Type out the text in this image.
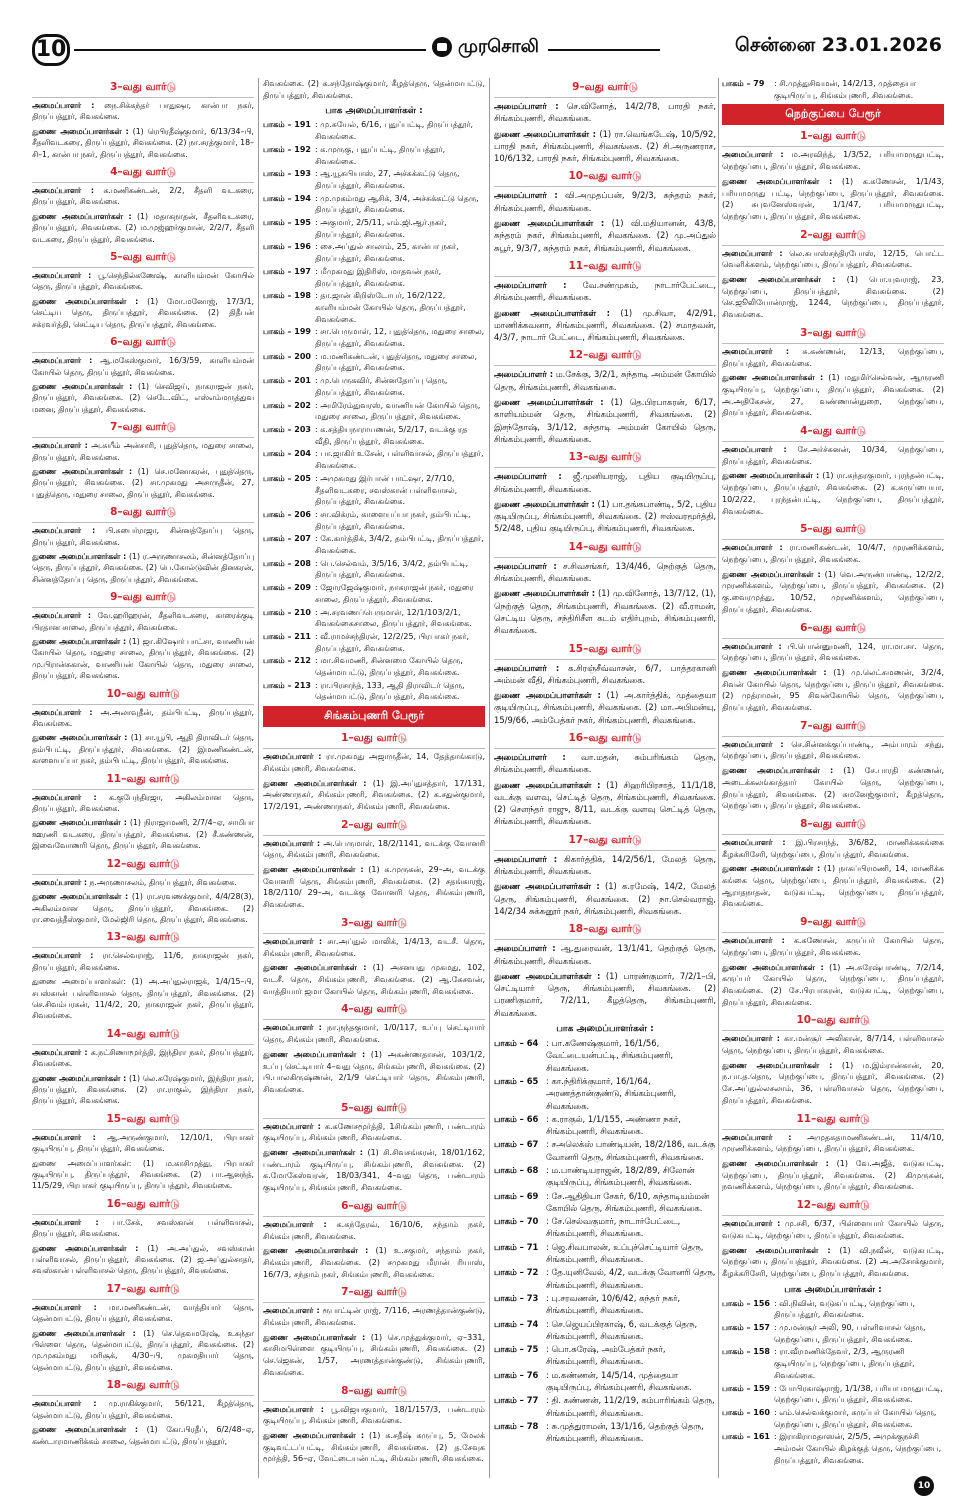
10	முரசொலி	சென்னை 23.01.2026
3–வது வார்டு
அமைப்பாளர் : நை.சிக்கந்தர் பாதுஷா, கான்பா நகர், திருப்பத்தூர், சிவகங்கை.
துணை அமைப்பாளர்கள் : (1) ரெபிரதீஷ்குமார், 6/13/34–பி, சீதளிவடகரை, திருப்பத்தூர், சிவகங்கை. (2) நா.சரத்குமார், 18–சி–1, கான்பா நகர், திருப்பத்தூர், சிவகங்கை.
4–வது வார்டு
அமைப்பாளர் : க.மணிகண்டன், 2/2, சீதளி வடகரை, திருப்பத்தூர், சிவகங்கை.
துணை அமைப்பாளர்கள் : (1) மதாகநாதன், சீதளிவடகரை, திருப்பத்தூர், சிவகங்கை. (2) ம.முஜ்ஹர்குமான், 2/2/7, சீதளி வடகரை, திருப்பத்தூர், சிவகங்கை.
5–வது வார்டு
அமைப்பாளர் : பூ.செந்தில்கணேஷ், காளியம்மன் கோயில் தெரு, திருப்பத்தூர், சிவகங்கை.
துணை அமைப்பாளர்கள் : (1) மோ.மனோஜ், 17/3/1, செட்டிய தெரு, திருப்பத்தூர், சிவகங்கை. (2) திதீபன் சக்ரவர்த்தி, செட்டிய தெரு, திருப்பத்தூர், சிவகங்கை.
6–வது வார்டு
அமைப்பாளர் : ஆ.மகேஸ்குமார், 16/3/59, காளியம்மன் கோயில் தெரு, திருப்பத்தூர், சிவகங்கை.
துணை அமைப்பாளர்கள் : (1) செவிஜய், நாகராஜன் நகர், திருப்பத்தூர், சிவகங்கை. (2) செடே.விட், எஸ்எம்மருத்துவ மனை, திருப்பத்தூர், சிவகங்கை.
7–வது வார்டு
அமைப்பாளர் : அ.சுயீம் அன்சாரி, புதுத்தெரு, மதுரை சாலை, திருப்பத்தூர், சிவகங்கை.
துணை அமைப்பாளர்கள் : (1) செ.மனோகரன், புதுத்தெரு, திருப்பத்தூர், சிவகங்கை. (2) சா.முகமது அசாருதீன், 27, புதுத்தெரு, மதுரை சாலை, திருப்பத்தூர், சிவகங்கை.
8–வது வார்டு
அமைப்பாளர் : பி.சுபைர்ராஜா, சின்னத்தோப்பு தெரு, திருப்பத்தூர், சிவகங்கை.
துணை அமைப்பாளர்கள் : (1) ர.அருணாசலம், சின்னத்தோப்பு தெரு, திருப்பத்தூர், சிவகங்கை. (2) பெ.கோல்டுவின் தினகரன், சின்னத்தோப்பு தெரு, திருப்பத்தூர், சிவகங்கை.
9–வது வார்டு
அமைப்பாளர் : வே.ஹரிஹரன், சீதளிவடகரை, காரைக்குடி பிரதான சாலை, திருப்பத்தூர், சிவகங்கை.
துணை அமைப்பாளர்கள் : (1) ஜா.கிஷோர் பாட்சா, வாணியன் கோயில் தெரு, மதுரை சாலை, திருப்பத்தூர், சிவகங்கை. (2) மு.பிரான்சுகான், வாணியன் கோயில் தெரு, மதுரை சாலை, திருப்பத்தூர், சிவகங்கை.
10–வது வார்டு
அமைப்பாளர் : அ.அலாவுதீன், தம்பிபட்டி, திருப்பத்தூர், சிவகங்கை.
துணை அமைப்பாளர்கள் : (1) சா.யூபி, ஆதி திராவிடர் தெரு, தம்பிபட்டி, திருப்பத்தூர், சிவகங்கை. (2) இமணிகண்டன், காளையப்பா நகர், தம்பிபட்டி, திருப்பத்தூர், சிவகங்கை.
11–வது வார்டு
அமைப்பாளர் : க.குபேந்திரஜா, அகிலம்மான தெரு, திருப்பத்தூர், சிவகங்கை.
துணை அமைப்பாளர்கள் : (1) நிராஜாமணி, 2/7/4–ஏ, சாமிபா ஊரணி வடகரை, திருப்பத்தூர், சிவகங்கை. (2) சீ.கண்ணன், இவைவோணரி தெரு, திருப்பத்தூர், சிவகங்கை.
12–வது வார்டு
அமைப்பாளர் : ந.அருணாசலம், திருப்பத்தூர், சிவகங்கை.
துணை அமைப்பாளர்கள் : (1) ரா.சரவணக்குமார், 4/4/28(3), அகிலம்மான தெரு, திருப்பத்தூர், சிவகங்கை. (2) ரா.வைத்தீஸ்குமார், மேல்ஜிரி தெரு, திருப்பத்தூர், சிவகங்கை.
13–வது வார்டு
அமைப்பாளர் : ரா.செல்வராஜ், 11/6, நாகராஜன் நகர், திருப்பத்தூர், சிவகங்கை.
துணை அமைப்பாளர்கள்: (1) அ.அப்துல்ராஜக், 1/4/15–பி, சபஸ்கான் பள்ளிவாசல் தெரு, திருப்பத்தூர், சிவகங்கை. (2) செ.சிவம்பரகன், 11/4/2, 20, நாகராஜன் நகர், திருப்பத்தூர், சிவகங்கை.
14–வது வார்டு
அமைப்பாளர் : க.நட்சிணாமூர்த்தி, இந்திரா நகர், திருப்பத்தூர், சிவகங்கை.
துணை அமைப்பாளர்கள் : (1) லெ.சுரேஷ்குமார், இந்திரா நகர், திருப்பத்தூர், சிவகங்கை. (2) ரா.ராகுல், இந்திரா நகர், திருப்பத்தூர், சிவகங்கை.
15–வது வார்டு
அமைப்பாளர் : ஆ.அருண்குமார், 12/10/1, பிரபாகர் குடியிருப்பு, திருப்பத்தூர், சிவகங்கை.
துணை அமைப்பாளர்கள்: (1) ம.காசிமுத்து, பிரபாகர் குடியிருப்பு, திருப்பத்தூர், சிவகங்கை. (2) பா.ஆனந்த், 11/5/29, பிரபாகர் குடியிருப்பு, திருப்பத்தூர், சிவகங்கை.
16–வது வார்டு
அமைப்பாளர் : பா.சேக், சவஸ்கான் பள்ளிவாசல், திருப்பத்தூர், சிவகங்கை.
துணை அமைப்பாளர்கள் : (1) அ.அப்துல், சவஸ்கான் பள்ளிவாசல், திருப்பத்தூர், சிவகங்கை. (2) ஜ.அப்துல்சாதர், சவஸ்கான் பள்ளிவாசல் தெரு, திருப்பத்தூர், சிவகங்கை.
17–வது வார்டு
அமைப்பாளர் : மா.மணிகண்டன், வாத்தியார் தெரு, தென்மாபட்டு, திருப்பத்தூர், சிவகங்கை.
துணை அமைப்பாளர்கள் : (1) செ.தெவமரேஷ், உசுந்தா பிள்ளை தெரு, தென்மாபட்டு, திருப்பத்தூர், சிவகங்கை. (2) மு.முகம்மது மரிசூக், 4/30–பி, முகமதியார் தெரு, தென்மாபட்டு, திருப்பத்தூர், சிவகங்கை.
18–வது வார்டு
அமைப்பாளர் : மு.ராகிக்குமார், 56/121, கீழத்தெரு, தென்மாபட்டு, திருப்பத்தூர், சிவகங்கை.
துணை அமைப்பாளர்கள் : (1) கோ.பிரதீப், 6/2/48–ஏ, கண்டாரமாணிக்கம் சாலை, தென்மாபட்டு, திருப்பத்தூர்,
சிவகங்கை. (2) க.சந்தோஷ்குமார், கீழத்தெரு, தென்மாபட்டு, திருப்பத்தூர், சிவகங்கை.
பாக அமைப்பாளர்கள் :
பாகம் – 191 : மு.சுயேல், 6/16, புதுப்பட்டி, திருப்பத்தூர், சிவகங்கை.
பாகம் – 192 : க.முருகு, புதுப்பட்டி, திருப்பத்தூர், சிவகங்கை.
பாகம் – 193 : ஆ.யூசுபியாஸ், 27, அச்சுக்கட்டு தெரு, திருப்பத்தூர், சிவகங்கை.
பாகம் – 194 : மு.முகம்மது ஆசிக், 3/4, அச்சுக்கட்டு தெரு, திருப்பத்தூர், சிவகங்கை.
பாகம் – 195 : அகுமார், 2/5/11, எம்.ஜி.ஆர்.நகர், திருப்பத்தூர், சிவகங்கை.
பாகம் – 196 : சை.அப்துல் சாலாம், 25, கான்பா நகர், திருப்பத்தூர், சிவகங்கை.
பாகம் – 197 : மீமுகமது இதிரிஸ், மாதவன் நகர், திருப்பத்தூர், சிவகங்கை.
பாகம் – 198 : தா.ஜான் கிறிஸ்டோபர், 16/2/122, காளியம்மன் கோயில் தெரு, திருப்பத்தூர், சிவகங்கை.
பாகம் – 199 : சா.பெருமாள், 12, புதுத்தெரு, மதுரை சாலை, திருப்பத்தூர், சிவகங்கை.
பாகம் – 200 : ம.மணிகண்டன், புதுத்தெரு, மதுரை சாலை, திருப்பத்தூர், சிவகங்கை.
பாகம் – 201 : மு.பெருகவிர், சின்னதோப்பு தெரு, திருப்பத்தூர், சிவகங்கை.
பாகம் – 202 : அமிரேம்துவரஸ், வாணியன் கோயில் தெரு, மதுரை சாலை, திருப்பத்தூர், சிவகங்கை.
பாகம் – 203 : க.சத்தியநாராயணன், 5/2/17, வடக்கு ரத வீதி, திருப்பத்தூர், சிவகங்கை.
பாகம் – 204 : பா.ஜாகிர் உசேன், பள்ளிவாசல், திருப்பத்தூர், சிவகங்கை.
பாகம் – 205 : அமுகமது இர்பான் பாட்ஷா, 2/7/10, சீதளிவடகரை, சவஸ்கான் பள்ளிவாசல், திருப்பத்தூர், சிவகங்கை.
பாகம் – 206 : சா.விக்ரம், காளையப்பா நகர், தம்பிபட்டி, திருப்பத்தூர், சிவகங்கை.
பாகம் – 207 : கே.கார்த்திக், 3/4/2, தம்பிபட்டி, திருப்பத்தூர், சிவகங்கை.
பாகம் – 208 : பெ.செல்வம், 3/5/16, 3/4/2, தம்பிபட்டி, திருப்பத்தூர், சிவகங்கை.
பாகம் – 209 : ஜோரஜேஷ்குமார், நாகராஜன் நகர், மதுரை சாலை, திருப்பத்தூர், சிவகங்கை.
பாகம் – 210 : அ.சரவணப்பெருமாள், 12/1/103/2/1, சிவகங்கைசாலை, திருப்பத்தூர், சிவகங்கை.
பாகம் – 211 : வீ.ராமச்சந்திரன், 12/2/25, பிரபாகர் நகர், திருப்பத்தூர், சிவகங்கை.
பாகம் – 212 : மா.சிவமணி, சின்னமை கோயில் தெரு, தென்மாபட்டு, திருப்பத்தூர், சிவகங்கை.
பாகம் – 213 : ரா.பிரசாந்த், 133, ஆதி திராவிடர் தெரு, தென்மாபட்டு, திருப்பத்தூர், சிவகங்கை.
சிங்கம்புணரி பேரூர்
1–வது வார்டு
அமைப்பாளர் : ரா.முகமது அஜாருதீன், 14, தேத்தாங்காடு, சிங்கம்புணரி, சிவகங்கை.
துணை அமைப்பாளர்கள் : (1) இ.அப்துசத்தார், 17/131, அண்ணாநகர், சிங்கம்புணரி, சிவகங்கை. (2) க.சதுன்குமார், 17/2/191, அண்ணாநகர், சிங்கம்புணரி, சிவகங்கை.
2–வது வார்டு
அமைப்பாளர் : அ.பெருமாள், 18/2/1141, வடக்கு வோனரி தெரு, சிங்கம்புணரி, சிவகங்கை.
துணை அமைப்பாளர்கள் : (1) க.முருகன், 29–அ, வடக்கு வோனரி தெரு, சிங்கம்புணரி, சிவகங்கை. (2) சதங்காரஜ், 18/2/110/ 29–அ, வடக்கு வோனரி தெரு, சிங்கம்புணரி, சிவகங்கை.
3–வது வார்டு
அமைப்பாளர் : சா.அப்துல் மாலிக், 1/4/13, வடசீ. தெரு, சிங்கம்புணரி, சிவகங்கை.
துணை அமைப்பாளர்கள் : (1) அசனயது முகமது, 102, வடசீ. தெரு, சிங்கம்புணரி, சிவகங்கை. (2) ஆ.கேசவன், வாத்தியார் ஜமா கோயில் தெரு, சிங்கம்புணரி, சிவகங்கை.
4–வது வார்டு
அமைப்பாளர் : நா.நந்தகுமார், 1/0/117, உப்பு செட்டியார் தெரு, சிங்கம்புணரி, சிவகங்கை.
துணை அமைப்பாளர்கள் : (1) அகண்ணதாசன், 103/1/2, உப்பு செட்டியார் 4–வது தெரு, சிங்கம்புணரி, சிவகங்கை. (2) பி.பாலகிருஷ்ணன், 2/1/9 செட்டியார் தெரு, சிங்கம்புணரி, சிவகங்கை.
5–வது வார்டு
அமைப்பாளர் : க.கணேசமூர்த்தி, 1சிங்கம்புணரி, பண்டாரம் குடியிருப்பு, சிங்கம்புணரி, சிவகங்கை.
துணை அமைப்பாளர்கள் : (1) சி.சிவசங்கரன், 18/01/162, பண்டாரம் குடியிருப்பு, சிங்கம்புணரி, சிவகங்கை. (2) க.மோகேஸ்வரன், 18/03/341, 4–வது தெரு, பண்டாரம் குடியிருப்பு, சிங்கம்புணரி, சிவகங்கை.
6–வது வார்டு
அமைப்பாளர் : க.கந்தேரவ், 16/10/6, சந்தாம் நகர், சிங்கம்புணரி, சிவகங்கை.
துணை அமைப்பாளர்கள் : (1) உ.சகுமர், சந்தாம் நகர், சிங்கம்புணரி, சிவகங்கை. (2) சமுகமது மீரான் ரியாஸ், 16/7/3, சந்தாம் நகர், சிங்கம்புணரி, சிவகங்கை.
7–வது வார்டு
அமைப்பாளர் : ரூபாட்டின் ராஜ், 7/116, அரணத்தான்குண்டு, சிங்கம்புணரி, சிவகங்கை.
துணை அமைப்பாளர்கள் : (1) செ.முத்துக்குமார், ஏ–331, காசிமபிள்ளை குடியிருப்பு, சிங்கம்புணரி, சிவகங்கை. (2) செ.ஜெகன், 1/57, அரணத்தான்குண்டு, சிங்கம்புணரி, சிவகங்கை.
8–வது வார்டு
அமைப்பாளர் : பூ.விஜயகுமார், 18/1/157/3, பண்டாரம் குடியிருப்பு, சிங்கம்புணரி, சிவகங்கை.
துணை அமைப்பாளர்கள் : (1) க.சதீஷ் கருப்பு, 5, மேலக் குடிவட்டப்பட்டி, சிங்கம்புணரி, சிவகங்கை. (2) த.சேவுக மூர்த்தி, 56–ஏ, வேட்டையன்பட்டி, சிங்கம்புணரி, சிவகங்கை.
9–வது வார்டு
அமைப்பாளர் : செ.வினோத், 14/2/78, பாரதி நகர், சிங்கம்புணரி, சிவகங்கை.
துணை அமைப்பாளர்கள் : (1) ரா.வெங்கடேஷ், 10/5/92, பாரதி நகர், சிங்கம்புணரி, சிவகங்கை. (2) சி.அருணராச, 10/6/132, பாரதி நகர், சிங்கம்புணரி, சிவகங்கை.
10–வது வார்டு
அமைப்பாளர் : வி.அமுதப்பன், 9/2/3, சுந்தரம் நகர், சிங்கம்புணரி, சிவகங்கை.
துணை அமைப்பாளர்கள் : (1) வி.மதியானன், 43/8, சுந்தரம் நகர், சிங்கம்புணரி, சிவகங்கை. (2) மு.அப்துல் சுபூர், 9/3/7, சுந்தரம் நகர், சிங்கம்புணரி, சிவகங்கை.
11–வது வார்டு
அமைப்பாளர் : வே.சண்முகம், நாடார்பேட்டை, சிங்கம்புணரி, சிவகங்கை.
துணை அமைப்பாளர்கள் : (1) மு.சிவா, 4/2/91, மாணிக்கவனா, சிங்கம்புணரி, சிவகங்கை. (2) சமாதவன், 4/3/7, நாடார் பேட்டை, சிங்கம்புணரி, சிவகங்கை.
12–வது வார்டு
அமைப்பாளர் : ம.சேக்கு, 3/2/1, சுந்தாடி அம்மன் கோயில் தெரு, சிங்கம்புணரி, சிவகங்கை.
துணை அமைப்பாளர்கள் : (1) தெ.பிரபாகரன், 6/17, காளியம்மன் தெரு, சிங்கம்புணரி, சிவகங்கை. (2) இசந்தோஷ், 3/1/12, சுந்தாடி அம்மன் கோயில் தெரு, சிங்கம்புணரி, சிவகங்கை.
13–வது வார்டு
அமைப்பாளர் : ஜீ.முனியராஜ், புதிய குடியிருப்பு, சிங்கம்புணரி, சிவகங்கை.
துணை அமைப்பாளர்கள் : (1) பா.தங்கபாண்டி, 5/2, புதிய குடியிருப்பு, சிங்கம்புணரி, சிவகங்கை. (2) ஈஸ்வரமூர்த்தி, 5/2/48, புதிய குடியிருப்பு, சிங்கம்புணரி, சிவகங்கை.
14–வது வார்டு
அமைப்பாளர் : ச.சிவசங்கர், 13/4/46, நெற்குத் தெரு, சிங்கம்புணரி, சிவகங்கை.
துணை அமைப்பாளர்கள் : (1) மு.வினோத், 13/7/12, (1), நெற்குத் தெரு, சிங்கம்புணரி, சிவகங்கை. (2) வீ.ராமன், செட்டிய தெரு, சந்திரிசீள கடம் எதிர்புறம், சிங்கம்புணரி, சிவகங்கை.
15–வது வார்டு
அமைப்பாளர் : க.சிரஞ்சீவ்வாசன், 6/7, பாத்தரகானி அம்மன் வீதி, சிங்கம்புணரி, சிவகங்கை.
துணை அமைப்பாளர்கள் : (1) அ.கார்த்திக், முத்தையா குடியிருப்பு, சிங்கம்புணரி, சிவகங்கை. (2) மா.அபிமன்யு, 15/9/66, அம்பேத்கர் நகர், சிங்கம்புணரி, சிவகங்கை.
16–வது வார்டு
அமைப்பாளர் : வா.மதன், சும்பரிங்கம் தெரு, சிங்கம்புணரி, சிவகங்கை.
துணை அமைப்பாளர்கள் : (1) சிஹரிபிரசாத், 11/1/18, வடக்கு வளவு, செட்டித் தெரு, சிங்கம்புணரி, சிவகங்கை. (2) செளந்தர் ராஜு, 8/11, வடக்கு வளவு செட்டித் தெரு, சிங்கம்புணரி, சிவகங்கை.
17–வது வார்டு
அமைப்பாளர் : கிகார்த்திக், 14/2/56/1, மேலத் தெரு, சிங்கம்புணரி, சிவகங்கை.
துணை அமைப்பாளர்கள் : (1) க.ரமேஷ், 14/2, மேலத் தெரு, சிங்கம்புணரி, சிவகங்கை. (2) நா.செல்வராஜ், 14/2/34 சுக்கனூர் நகர், சிங்கம்புணரி, சிவகங்கை.
18–வது வார்டு
அமைப்பாளர் : ஆ.துரைவன், 13/1/41, தெற்குத் தெரு, சிங்கம்புணரி, சிவகங்கை.
துணை அமைப்பாளர்கள் : (1) பாரண்குமார், 7/2/1–பி, செட்டியார் தெரு, சிங்கம்புணரி, சிவகங்கை. (2) பரணிகுமார், 7/2/11, கீழத்தெரு, சிங்கம்புணரி, சிவகங்கை.
பாக அமைப்பாளர்கள் :
பாகம் – 64 : பா.கணேஷ்குமார், 16/1/56, வேட்டையன்பட்டி, சிங்கம்புணரி, சிவகங்கை.
பாகம் – 65 : கா.ந்திரிக்குமார், 16/1/64, அரணத்தான்குண்டு, சிங்கம்புணரி, சிவகங்கை.
பாகம் – 66 : க.ராகுல், 1/1/155, அண்ணா நகர், சிங்கம்புணரி, சிவகங்கை.
பாகம் – 67 : சஅலெக்ஸ் பாண்டியன், 18/2/186, வடக்கு வோனரி தெரு, சிங்கம்புணரி, சிவகங்கை.
பாகம் – 68 : ம.பாண்டியராஜன், 18/2/89, சிலோன் குடியிருப்பு, சிங்கம்புணரி, சிவகங்கை.
பாகம் – 69 : சே.ஆதிதியா சேகர், 6/10, சுந்தாடியம்மன் கோயில் தெரு, சிங்கம்புணரி, சிவகங்கை.
பாகம் – 70 : சே.செல்வகுமார், நாடார்பேட்டை, சிங்கம்புணரி, சிவகங்கை.
பாகம் – 71 : ஜெ.சிவபாலன், உப்புச்செட்டியார் தெரு, சிங்கம்புணரி, சிவகங்கை.
பாகம் – 72 : தே.யுனிவேல், 4/2, வடக்கு வோனரி தெரு, சிங்கம்புணரி, சிவகங்கை.
பாகம் – 73 : பு.சரவணன், 10/6/42, சுந்தர் நகர், சிங்கம்புணரி, சிவகங்கை.
பாகம் – 74 : செ.ஜெயப்பிரகாஷ், 6, வடக்குத் தெரு, சிங்கம்புணரி, சிவகங்கை.
பாகம் – 75 : பொ.சுரேஷ், அம்பேத்கர் நகர், சிங்கம்புணரி, சிவகங்கை.
பாகம் – 76 : ம.கண்ணன், 14/5/14, முத்தையா குடியிருப்பு, சிங்கம்புணரி, சிவகங்கை.
பாகம் – 77 : தி. கண்ணன், 11/2/19, கம்பாரிங்கம் தெரு, சிங்கம்புணரி, சிவகங்கை.
பாகம் – 78 : சு.முத்துராமன், 13/1/16, தெற்குத் தெரு, சிங்கம்புணரி, சிவகங்கை.
பாகம் – 79	: சி.முத்துசிவமன், 14/2/13, முத்தையா குடியிருப்பு, சிங்கம்புணரி, சிவகங்கை.
நெற்குப்பை பேரூர்
1–வது வார்டு
அமைப்பாளர் : ம.அரவிந்த், 1/3/52, பரியாமருதுபட்டி, நெற்குப்பை, திருப்பத்தூர், சிவகங்கை.
துணை அமைப்பாளர்கள் : (1) க.கணேசன், 1/1/43, பரியாமருது பட்டி, நெற்குப்பை, திருப்பத்தூர், சிவகங்கை. (2) சுபுவனேஸ்வரன், 1/1/47, பரியாமருதுபட்டி, நெற்குப்பை, திருப்பத்தூர், சிவகங்கை.
2–வது வார்டு
அமைப்பாளர் : லெ.சுபாஸ்சந்திரபோஸ், 12/15, பொட்ட வெளிக்களம், நெற்குப்பை, திருப்பத்தூர், சிவகங்கை.
துணை அமைப்பாளர்கள் : (1) பொ.யுவராஜ், 23, நெற்குப்பை, திருப்பத்தூர், சிவகங்கை. (2) செ.ஜூலியோன்ராஜ், 1244, நெற்குப்பை, திருப்பத்தூர், சிவகங்கை.
3–வது வார்டு
அமைப்பாளர் : சு.கண்ணன், 12/13, நெற்குப்பை, திருப்பத்தூர், சிவகங்கை.
துணை அமைப்பாளர்கள் : (1) மதுமிர்செல்வன், ஆருரணி குடியிருப்பு, நெற்குப்பை, திருப்பத்தூர், சிவகங்கை. (2) அ.அதிகேசன், 27, வண்ணான்துறை, நெற்குப்பை, திருப்பத்தூர், சிவகங்கை.
4–வது வார்டு
அமைப்பாளர் : சே.அர்ச்சுனன், 10/34, நெற்குப்பை, திருப்பத்தூர், சிவகங்கை.
துணை அமைப்பாளர்கள் : (1) ரா.சுந்தரகுமார், புரந்தன்பட்டி, நெற்குப்பை, திருப்பத்தூர், சிவகங்கை. (2) க.சுருப்பையா, 10/2/22, புரந்தன்பட்டி, நெற்குப்பை, திருப்பத்தூர், சிவகங்கை.
5–வது வார்டு
அமைப்பாளர் : ரா.மணிகண்டன், 10/4/7, முரணிக்களம், நெற்குப்பை, திருப்பத்தூர், சிவகங்கை.
துணை அமைப்பாளர்கள் : (1) வெ.அருண்பாண்டி, 12/2/2, முரணிக்களம், நெற்குப்பை, திருப்பத்தூர், சிவகங்கை. (2) கு.வைரமுத்து, 10/52, முரணிக்களம், நெற்குப்பை, திருப்பத்தூர், சிவகங்கை.
6–வது வார்டு
அமைப்பாளர் : பி.பொன்னுமணி, 124, ரா.மா.சா. தெரு, நெற்குப்பை, திருப்பத்தூர், சிவகங்கை.
துணை அமைப்பாளர்கள் : (1) மு.லெட்சுமணன், 3/2/4, சிவன் கோயில் தெரு, நெற்குப்பை, திருப்பத்தூர், சிவகங்கை. (2) முத்ராமன், 95 சிவன்கோயில் தெரு, நெற்குப்பை, திருப்பத்தூர், சிவகங்கை.
7–வது வார்டு
அமைப்பாளர் : செ.சின்னக்குப்பாண்டி, அம்பாரம் சந்து, நெற்குப்பை, திருப்பத்தூர், சிவகங்கை.
துணை அமைப்பாளர்கள் : (1) சே.பாரதி கண்ணன், அடைக்கலங்காத்தார் கோயில் தெரு, நெற்குப்பை, திருப்பத்தூர், சிவகங்கை. (2) சுமனேஜ்குமார், கீழத்தெரு, நெற்குப்பை, திருப்பத்தூர், சிவகங்கை.
8–வது வார்டு
அமைப்பாளர் : இ.பிரசாந்த், 3/6/82, மாணிக்ககங்கை கீழக்கரிசேரி, நெற்குப்பை, திருப்பத்தூர், சிவகங்கை.
துணை அமைப்பாளர்கள் : (1) நாகப்பிரமணி, 14, மாணிக்க கங்கை தெரு, நெற்குப்பை, திருப்பத்தூர், சிவகங்கை. (2) ஆராதநாதன், வடுகபட்டி, நெற்குப்பை, திருப்பத்தூர், சிவகங்கை.
9–வது வார்டு
அமைப்பாளர் : க.கணேசன், கருப்பர் கோயில் தெரு, நெற்குப்பை, திருப்பத்தூர், சிவகங்கை.
துணை அமைப்பாளர்கள் : (1) அ.சுரேஷ்பாண்டி, 7/2/14, கருப்பர் கோயில் தெரு, நெற்குப்பை, திருப்பத்தூர், சிவகங்கை. (2) சே.பிரபாகரன், வடுகபட்டி, நெற்குப்பை, திருப்பத்தூர், சிவகங்கை.
10–வது வார்டு
அமைப்பாளர் : கா.மன்சூர் அலிகான், 8/7/14, பள்ளிவாசல் தெரு, நெற்குப்பை, திருப்பத்தூர், சிவகங்கை.
துணை அமைப்பாளர்கள் : (1) ம.இம்ரான்கான், 20, ந.பா.த.தெரு, நெற்குப்பை, திருப்பத்தூர், சிவகங்கை. (2) சே.அப்துல்லசலாம், 36, பள்ளிவாசல் தெரு, நெற்குப்பை, திருப்பத்தூர், சிவகங்கை.
11–வது வார்டு
அமைப்பாளர் : அமுதசுதாமணிகண்டன், 11/4/10, முரணிக்களம், நெற்குப்பை, திருப்பத்தூர், சிவகங்கை.
துணை அமைப்பாளர்கள் : (1) வே.அஜீத், வடுகபட்டி, நெற்குப்பை, திருப்பத்தூர், சிவகங்கை. (2) கிமுருகன், நவணிக்களம், நெற்குப்பை, திருப்பத்தூர், சிவகங்கை.
12–வது வார்டு
அமைப்பாளர் : மு.சசி, 6/37, பிள்ளையார் கோயில் தெரு, வடுகபட்டி, நெற்குப்பை, திருப்பத்தூர், சிவகங்கை.
துணை அமைப்பாளர்கள் : (1) வி.நவீன், வடுகபட்டி, நெற்குப்பை, திருப்பத்தூர், சிவகங்கை. (2) அ.அசோக்குமார், கீழக்கரிசேரி, நெற்குப்பை, திருப்பத்தூர், சிவகங்கை.
பாக அமைப்பாளர்கள் :
பாகம் – 156 : வி.நிவின், வடுகப்பட்டி, நெற்குப்பை, திருப்பத்தூர், சிவகங்கை.
பாகம் – 157 : மு.மன்சூர் அலி, 90, பள்ளிவாசல் தெரு, நெற்குப்பை, திருப்பத்தூர், சிவகங்கை.
பாகம் – 158 : ரா.வீரமணிக்தேவர், 2/3, ஆருரணி குடியிருப்பு, நெற்குப்பை, திருப்பத்தூர், சிவகங்கை.
பாகம் – 159 : போபிரகாஷ்ராஜ், 1/1/38, பரியா மருதுபட்டி, நெற்குப்பை, திருப்பத்தூர், சிவகங்கை.
பாகம் – 160 : எம்.செல்வக்குமார், கருப்பர் கோயில் தெரு, நெற்குப்பை, திருப்பத்தூர், சிவகங்கை.
பாகம் – 161 : இராகிராமதாஸன், 2/5/5, அமுக்குநச்சி அம்மன் கோயில் கிழக்குத் தெரு, நெற்குப்பை, திருப்பத்தூர், சிவகங்கை.
10
